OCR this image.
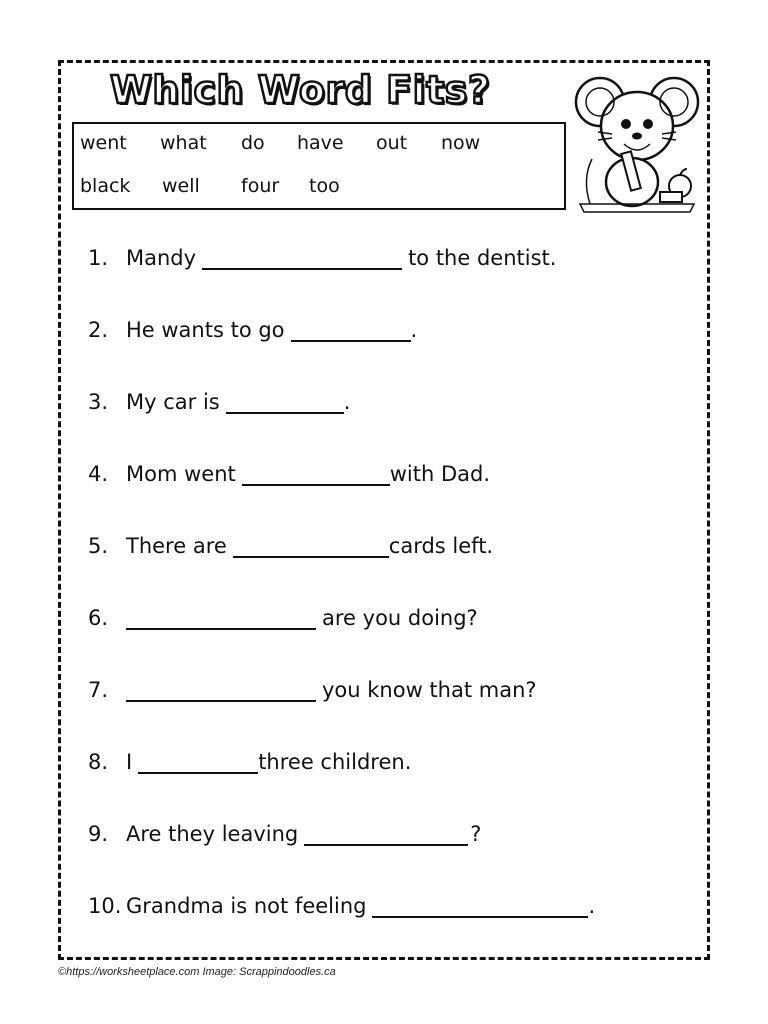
Which Word Fits?
went what do have out now
black well four too
1. Mandy	to the dentist.
2. He wants to go	.
3. My car is	.
4. Mom went	with Dad.
5. There are	cards left.
6.	are you doing?
7.	you know that man?
8. I	three children.
9. Are they leaving	?
10. Grandma is not feeling	.
©https://worksheetplace.com Image: Scrappindoodles.ca
